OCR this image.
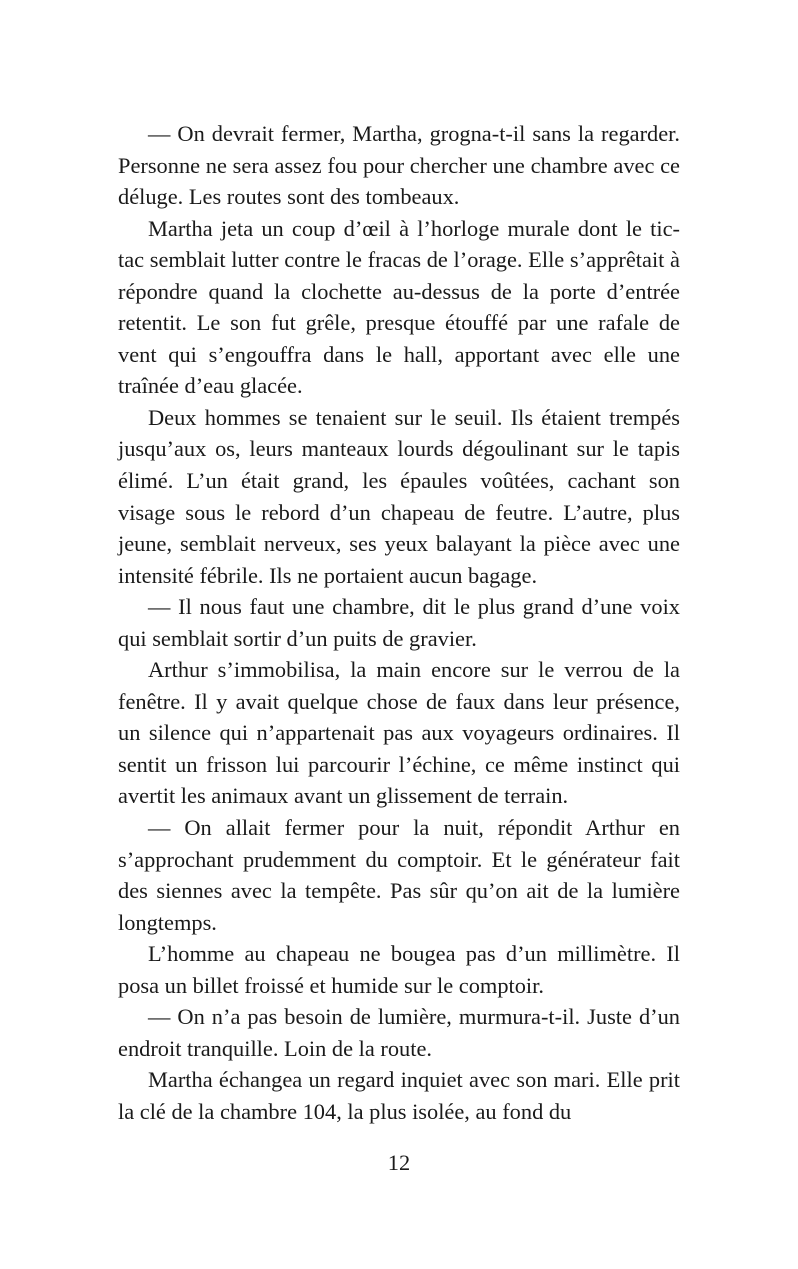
— On devrait fermer, Martha, grogna-t-il sans la regarder. Personne ne sera assez fou pour chercher une chambre avec ce déluge. Les routes sont des tombeaux.

Martha jeta un coup d’œil à l’horloge murale dont le tic-tac semblait lutter contre le fracas de l’orage. Elle s’apprêtait à répondre quand la clochette au-dessus de la porte d’entrée retentit. Le son fut grêle, presque étouffé par une rafale de vent qui s’engouffra dans le hall, apportant avec elle une traînée d’eau glacée.

Deux hommes se tenaient sur le seuil. Ils étaient trempés jusqu’aux os, leurs manteaux lourds dégoulinant sur le tapis élimé. L’un était grand, les épaules voûtées, cachant son visage sous le rebord d’un chapeau de feutre. L’autre, plus jeune, semblait nerveux, ses yeux balayant la pièce avec une intensité fébrile. Ils ne portaient aucun bagage.

— Il nous faut une chambre, dit le plus grand d’une voix qui semblait sortir d’un puits de gravier.

Arthur s’immobilisa, la main encore sur le verrou de la fenêtre. Il y avait quelque chose de faux dans leur présence, un silence qui n’appartenait pas aux voyageurs ordinaires. Il sentit un frisson lui parcourir l’échine, ce même instinct qui avertit les animaux avant un glissement de terrain.

— On allait fermer pour la nuit, répondit Arthur en s’approchant prudemment du comptoir. Et le générateur fait des siennes avec la tempête. Pas sûr qu’on ait de la lumière longtemps.

L’homme au chapeau ne bougea pas d’un millimètre. Il posa un billet froissé et humide sur le comptoir.

— On n’a pas besoin de lumière, murmura-t-il. Juste d’un endroit tranquille. Loin de la route.

Martha échangea un regard inquiet avec son mari. Elle prit la clé de la chambre 104, la plus isolée, au fond du

12
